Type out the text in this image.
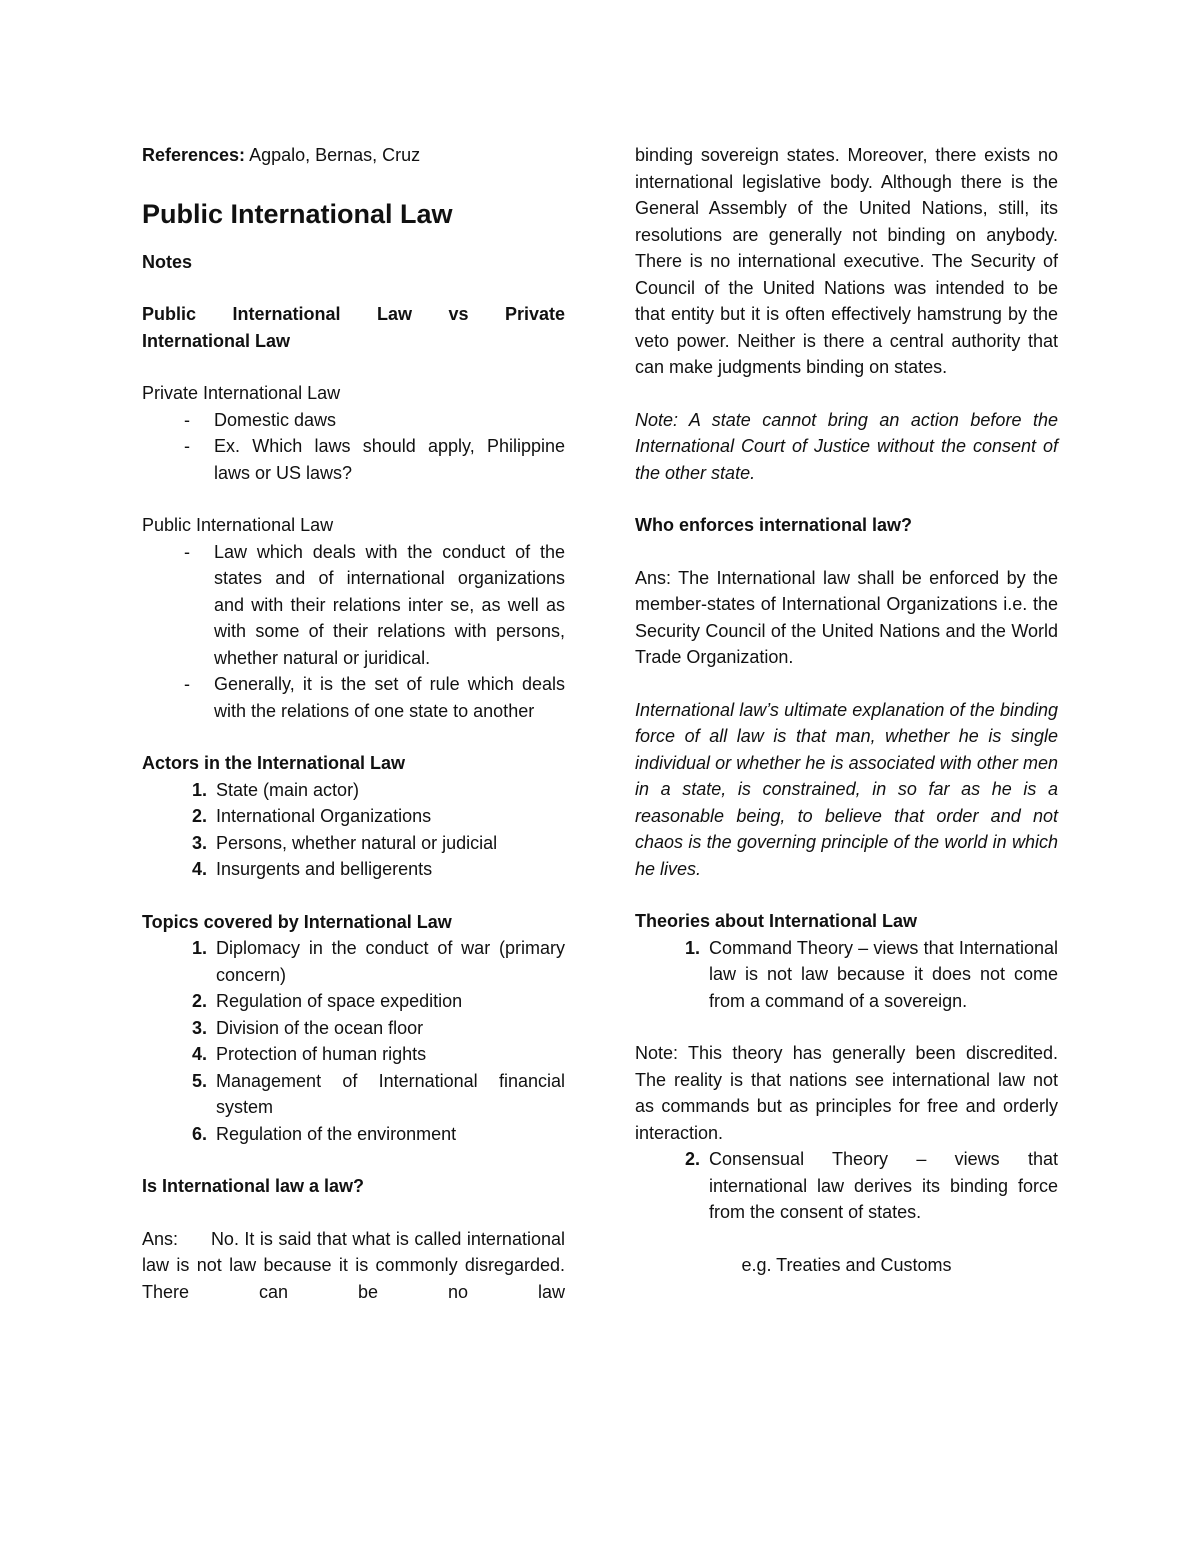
References: Agpalo, Bernas, Cruz

Public International Law

Notes

Public International Law vs Private

International Law

Private International Law

- Domestic daws
- Ex. Which laws should apply, Philippine laws or US laws?

Public International Law

- Law which deals with the conduct of the states and of international organizations and with their relations inter se, as well as with some of their relations with persons, whether natural or juridical.
- Generally, it is the set of rule which deals with the relations of one state to another

Actors in the International Law

1. State (main actor)
2. International Organizations
3. Persons, whether natural or judicial
4. Insurgents and belligerents

Topics covered by International Law

1. Diplomacy in the conduct of war (primary concern)
2. Regulation of space expedition
3. Division of the ocean floor
4. Protection of human rights
5. Management of International financial system
6. Regulation of the environment

Is International law a law?

Ans: No. It is said that what is called international law is not law because it is commonly disregarded. There can be no law

binding sovereign states. Moreover, there exists no international legislative body. Although there is the General Assembly of the United Nations, still, its resolutions are generally not binding on anybody. There is no international executive. The Security of Council of the United Nations was intended to be that entity but it is often effectively hamstrung by the veto power. Neither is there a central authority that can make judgments binding on states.

Note: A state cannot bring an action before the International Court of Justice without the consent of the other state.

Who enforces international law?

Ans: The International law shall be enforced by the member-states of International Organizations i.e. the Security Council of the United Nations and the World Trade Organization.

International law’s ultimate explanation of the binding force of all law is that man, whether he is single individual or whether he is associated with other men in a state, is constrained, in so far as he is a reasonable being, to believe that order and not chaos is the governing principle of the world in which he lives.

Theories about International Law

1. Command Theory – views that International law is not law because it does not come from a command of a sovereign.

Note: This theory has generally been discredited. The reality is that nations see international law not as commands but as principles for free and orderly interaction.

2. Consensual Theory – views that international law derives its binding force from the consent of states.

e.g. Treaties and Customs
